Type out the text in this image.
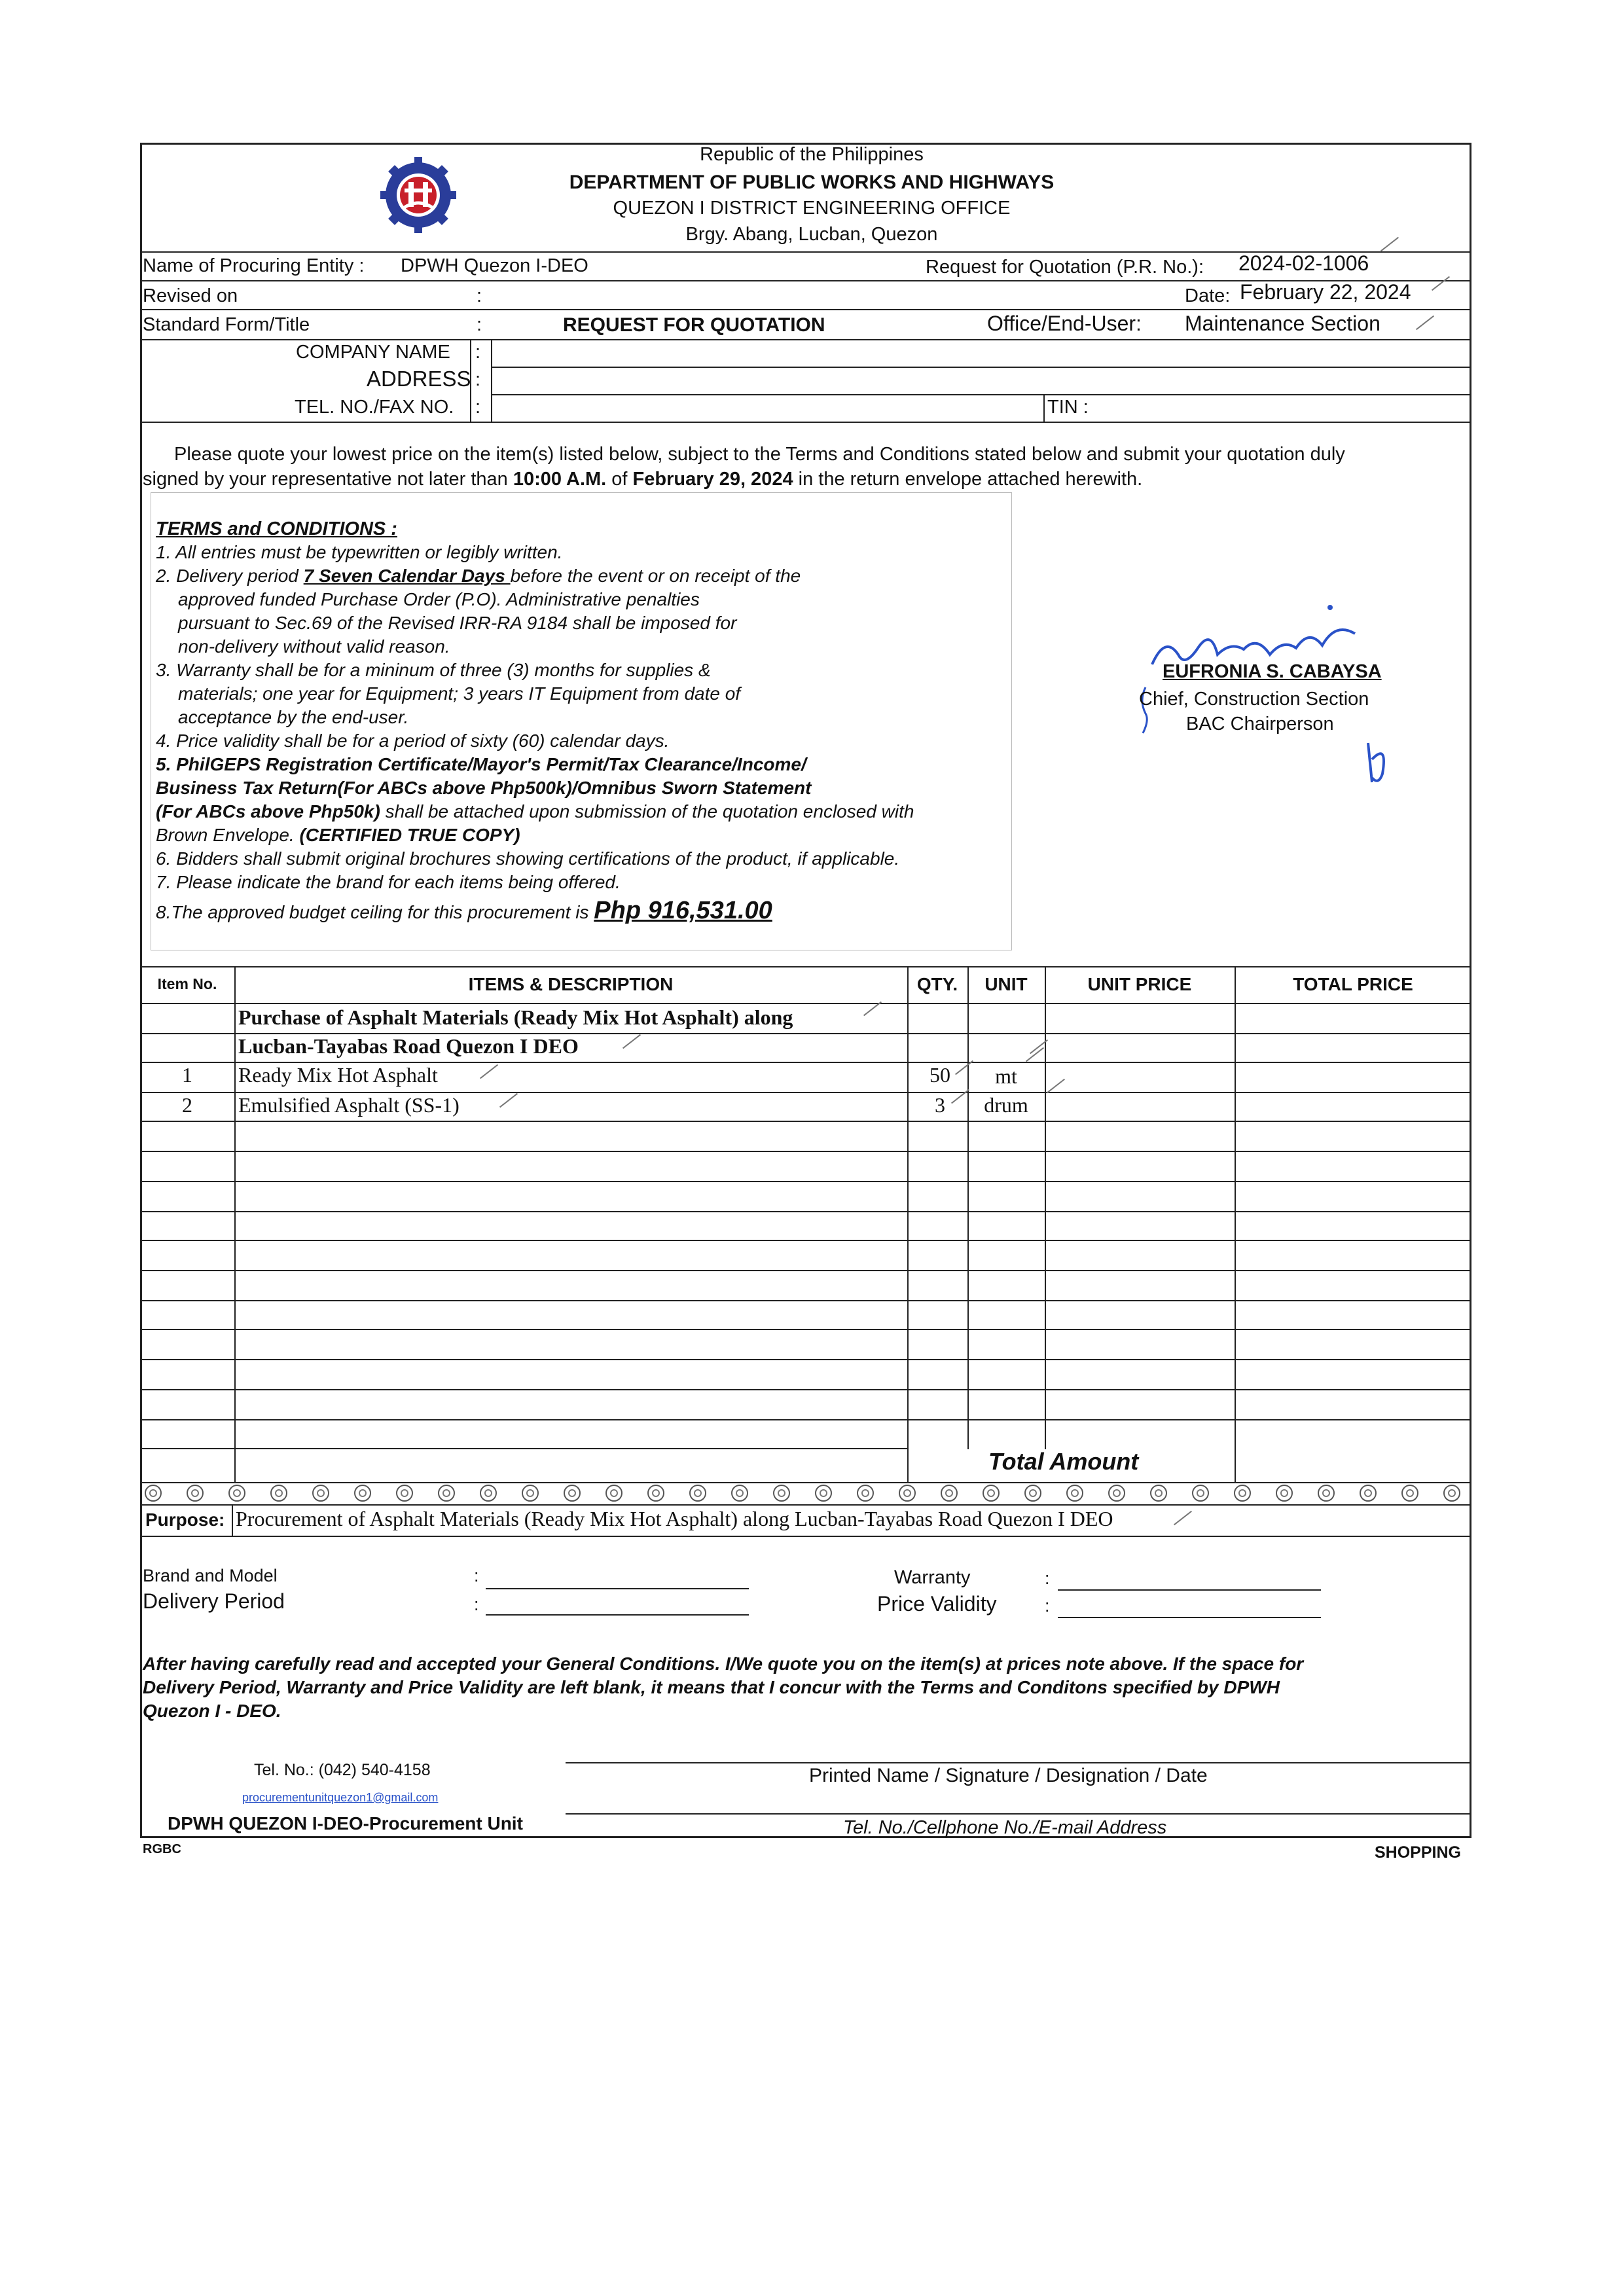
Republic of the Philippines
DEPARTMENT OF PUBLIC WORKS AND HIGHWAYS
QUEZON I DISTRICT ENGINEERING OFFICE
Brgy. Abang, Lucban, Quezon
Name of Procuring Entity : DPWH Quezon I-DEO	Request for Quotation (P.R. No.): 2024-02-1006
Revised on	:	Date: February 22, 2024
Standard Form/Title	:	REQUEST FOR QUOTATION	Office/End-User: Maintenance Section
COMPANY NAME :
ADDRESS :
TEL. NO./FAX NO. :	TIN :
Please quote your lowest price on the item(s) listed below, subject to the Terms and Conditions stated below and submit your quotation duly
signed by your representative not later than 10:00 A.M. of February 29, 2024 in the return envelope attached herewith.
TERMS and CONDITIONS :
1. All entries must be typewritten or legibly written.
2. Delivery period 7 Seven Calendar Days before the event or on receipt of the
approved funded Purchase Order (P.O). Administrative penalties
pursuant to Sec.69 of the Revised IRR-RA 9184 shall be imposed for
non-delivery without valid reason.
3. Warranty shall be for a mininum of three (3) months for supplies &
materials; one year for Equipment; 3 years IT Equipment from date of
acceptance by the end-user.
4. Price validity shall be for a period of sixty (60) calendar days.
5. PhilGEPS Registration Certificate/Mayor's Permit/Tax Clearance/Income/
Business Tax Return(For ABCs above Php500k)/Omnibus Sworn Statement
(For ABCs above Php50k) shall be attached upon submission of the quotation enclosed with
Brown Envelope. (CERTIFIED TRUE COPY)
6. Bidders shall submit original brochures showing certifications of the product, if applicable.
7. Please indicate the brand for each items being offered.
8.The approved budget ceiling for this procurement is Php 916,531.00
EUFRONIA S. CABAYSA
Chief, Construction Section
BAC Chairperson
Item No.	ITEMS & DESCRIPTION	QTY.	UNIT	UNIT PRICE	TOTAL PRICE
Purchase of Asphalt Materials (Ready Mix Hot Asphalt) along
Lucban-Tayabas Road Quezon I DEO
1	Ready Mix Hot Asphalt	50	mt
2	Emulsified Asphalt (SS-1)	3	drum
Total Amount
Purpose: Procurement of Asphalt Materials (Ready Mix Hot Asphalt) along Lucban-Tayabas Road Quezon I DEO
Brand and Model	:
Delivery Period	:
Warranty	:
Price Validity	:
After having carefully read and accepted your General Conditions. I/We quote you on the item(s) at prices note above. If the space for
Delivery Period, Warranty and Price Validity are left blank, it means that I concur with the Terms and Conditons specified by DPWH
Quezon I - DEO.
Tel. No.: (042) 540-4158
procurementunitquezon1@gmail.com
DPWH QUEZON I-DEO-Procurement Unit
Printed Name / Signature / Designation / Date
Tel. No./Cellphone No./E-mail Address
RGBC	SHOPPING
